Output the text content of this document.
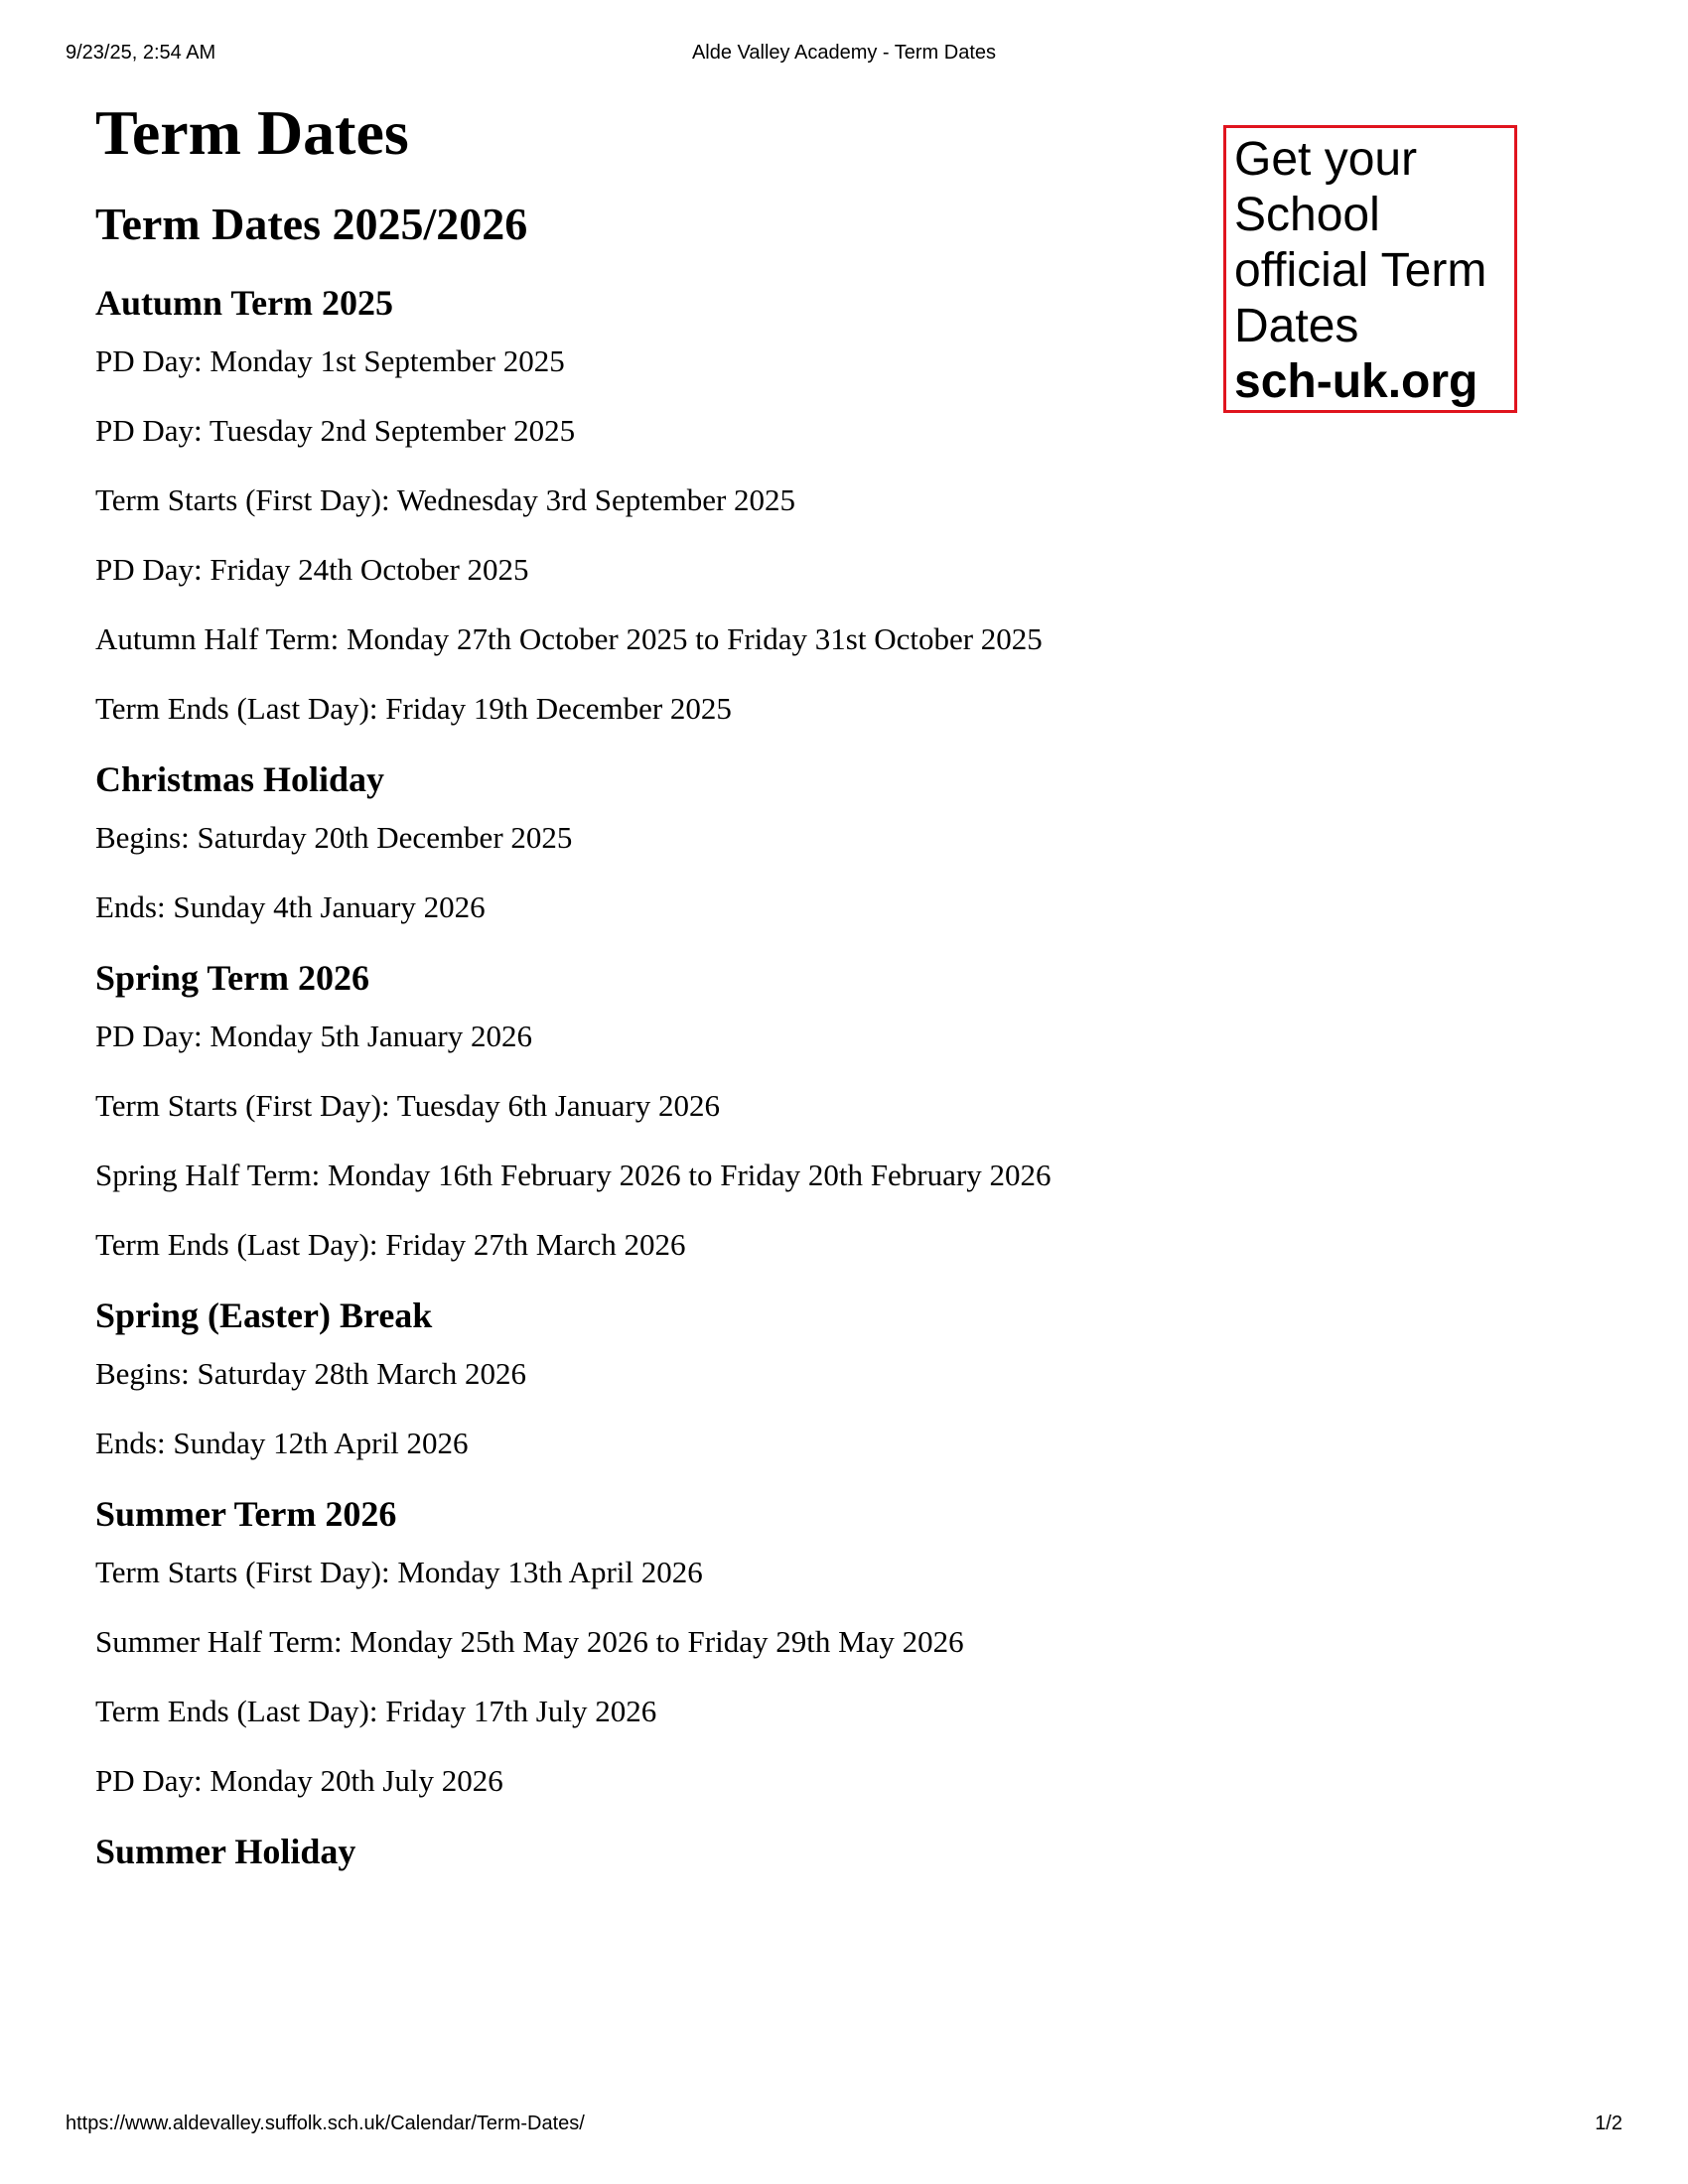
9/23/25, 2:54 AM	Alde Valley Academy - Term Dates
Term Dates
Term Dates 2025/2026
Autumn Term 2025

PD Day: Monday 1st September 2025

PD Day: Tuesday 2nd September 2025

Term Starts (First Day): Wednesday 3rd September 2025

PD Day: Friday 24th October 2025

Autumn Half Term: Monday 27th October 2025 to Friday 31st October 2025

Term Ends (Last Day): Friday 19th December 2025

Christmas Holiday

Begins: Saturday 20th December 2025

Ends: Sunday 4th January 2026

Spring Term 2026

PD Day: Monday 5th January 2026

Term Starts (First Day): Tuesday 6th January 2026

Spring Half Term: Monday 16th February 2026 to Friday 20th February 2026

Term Ends (Last Day): Friday 27th March 2026

Spring (Easter) Break

Begins: Saturday 28th March 2026

Ends: Sunday 12th April 2026

Summer Term 2026

Term Starts (First Day): Monday 13th April 2026

Summer Half Term: Monday 25th May 2026 to Friday 29th May 2026

Term Ends (Last Day): Friday 17th July 2026

PD Day: Monday 20th July 2026

Summer Holiday
Get your School official Term Dates
sch-uk.org
https://www.aldevalley.suffolk.sch.uk/Calendar/Term-Dates/	1/2
